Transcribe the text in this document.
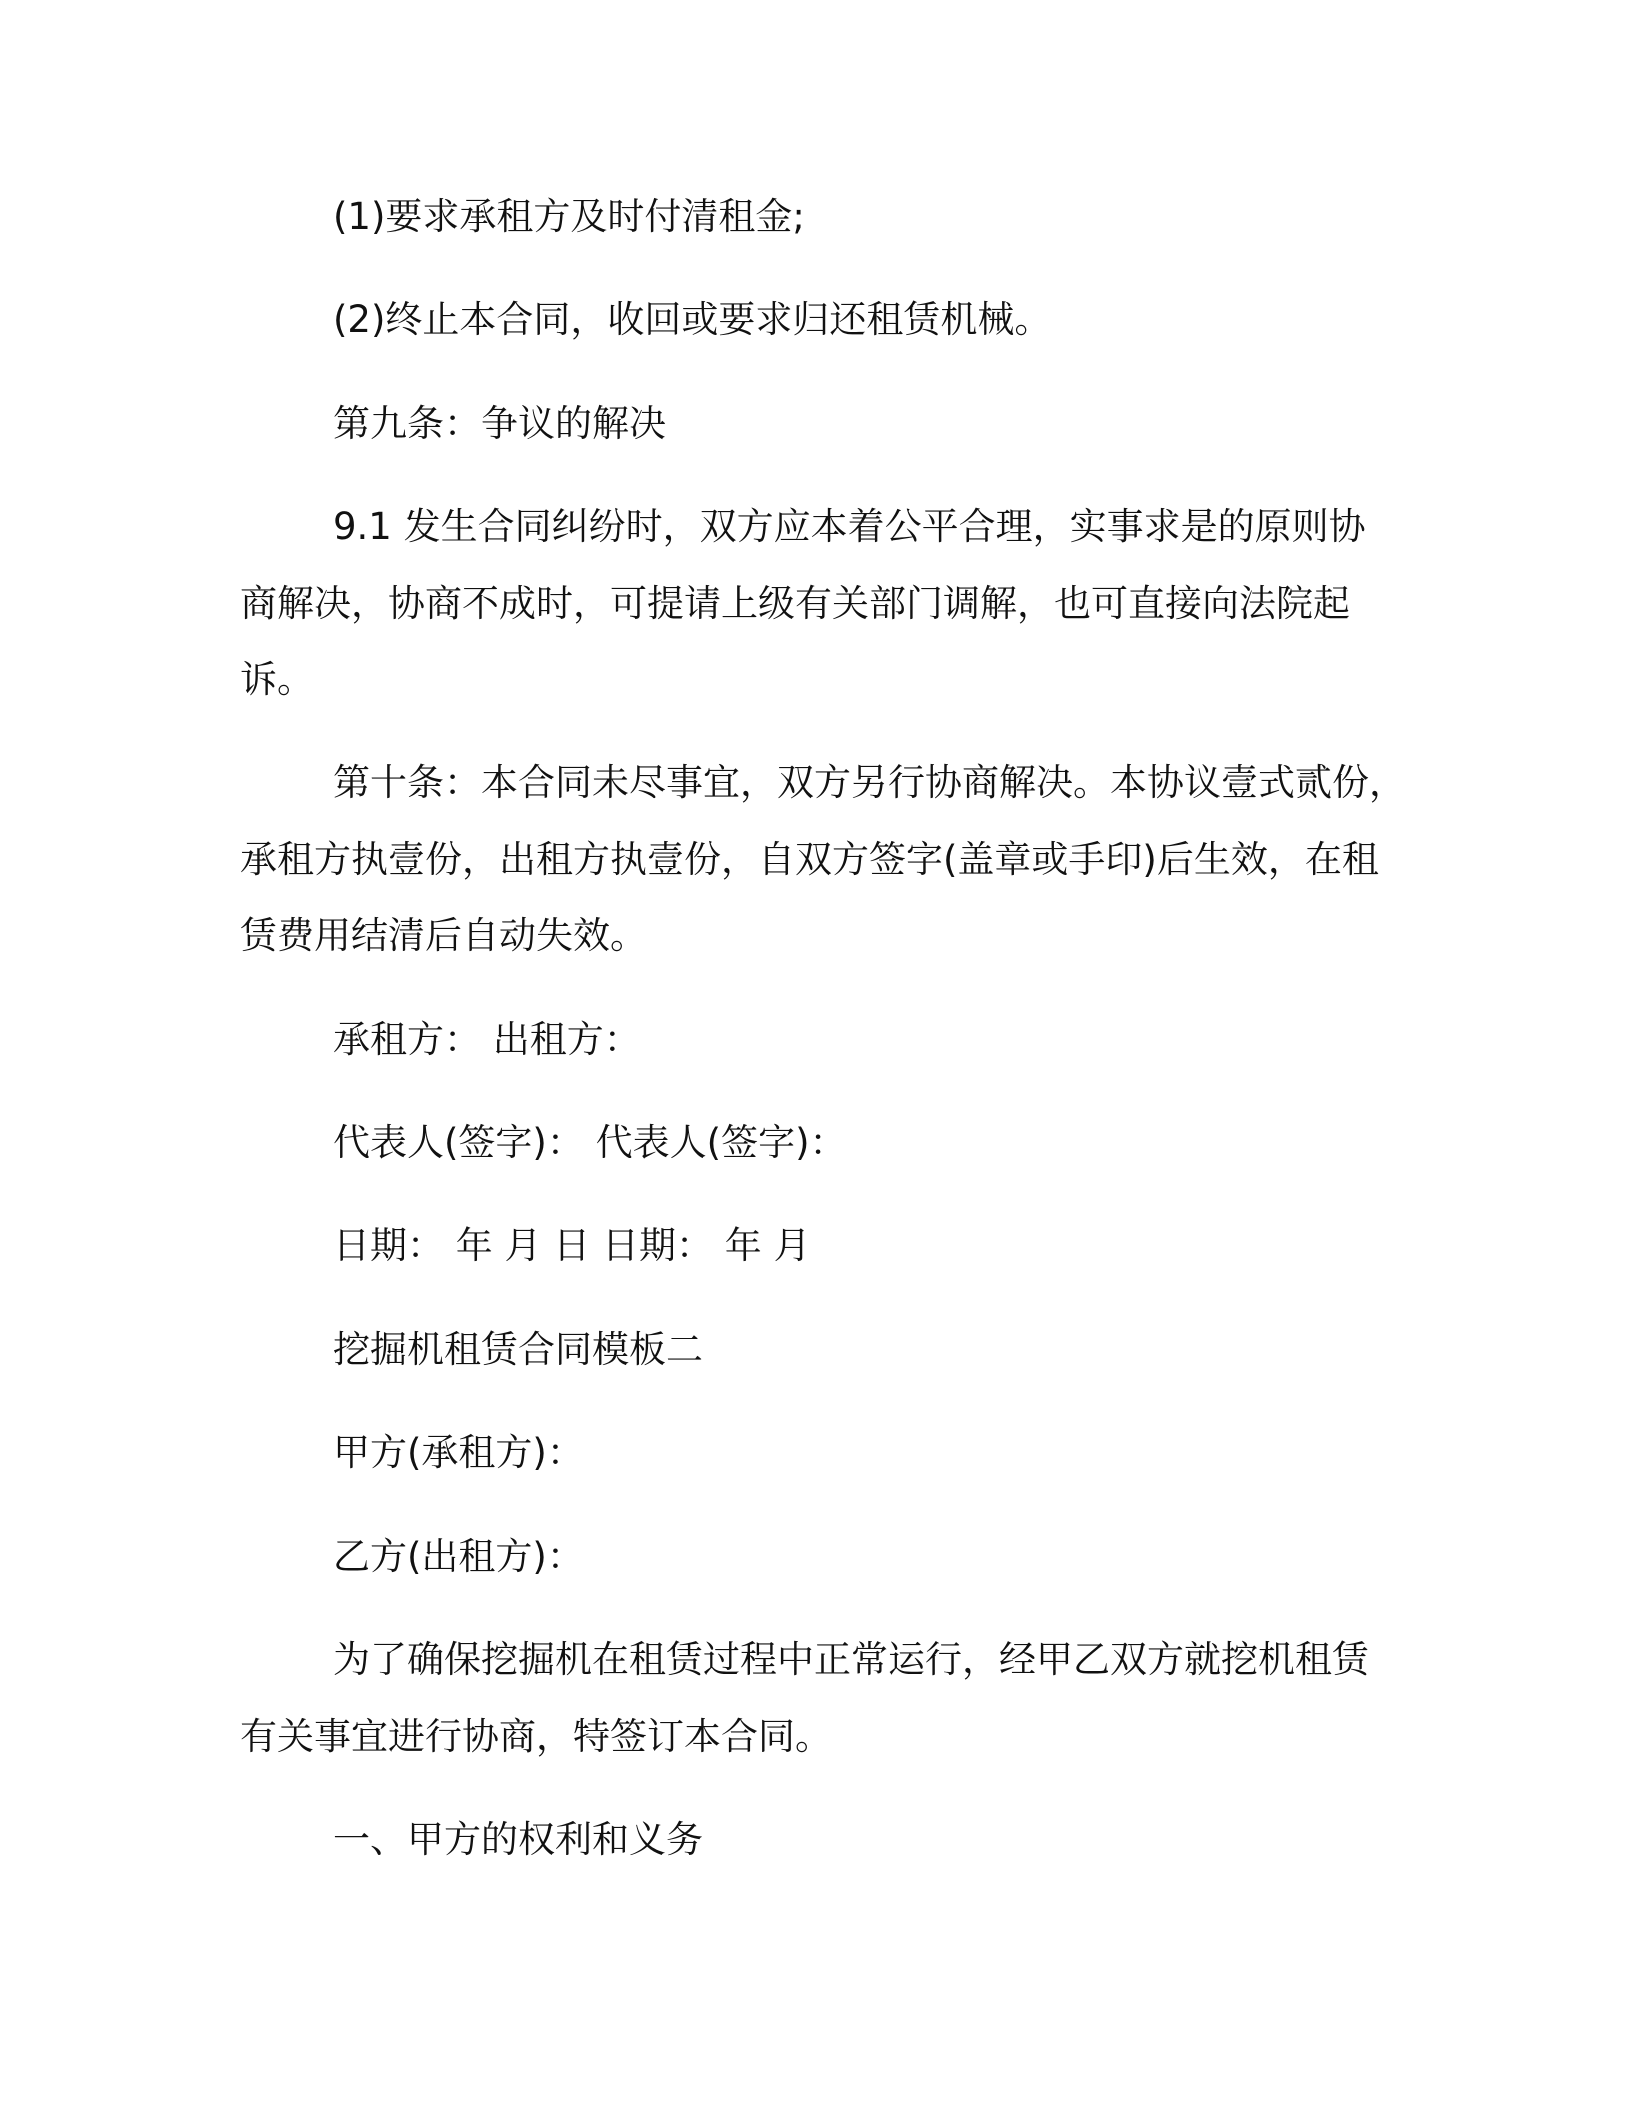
(1)要求承租方及时付清租金;

(2)终止本合同，收回或要求归还租赁机械。

第九条：争议的解决

9.1 发生合同纠纷时，双方应本着公平合理，实事求是的原则协
商解决，协商不成时，可提请上级有关部门调解，也可直接向法院起
诉。

第十条：本合同未尽事宜，双方另行协商解决。本协议壹式贰份，
承租方执壹份，出租方执壹份，自双方签字(盖章或手印)后生效，在租
赁费用结清后自动失效。

承租方： 出租方：

代表人(签字)： 代表人(签字)：

日期： 年 月 日 日期： 年 月

挖掘机租赁合同模板二

甲方(承租方)：

乙方(出租方)：

为了确保挖掘机在租赁过程中正常运行，经甲乙双方就挖机租赁
有关事宜进行协商，特签订本合同。

一、甲方的权利和义务
